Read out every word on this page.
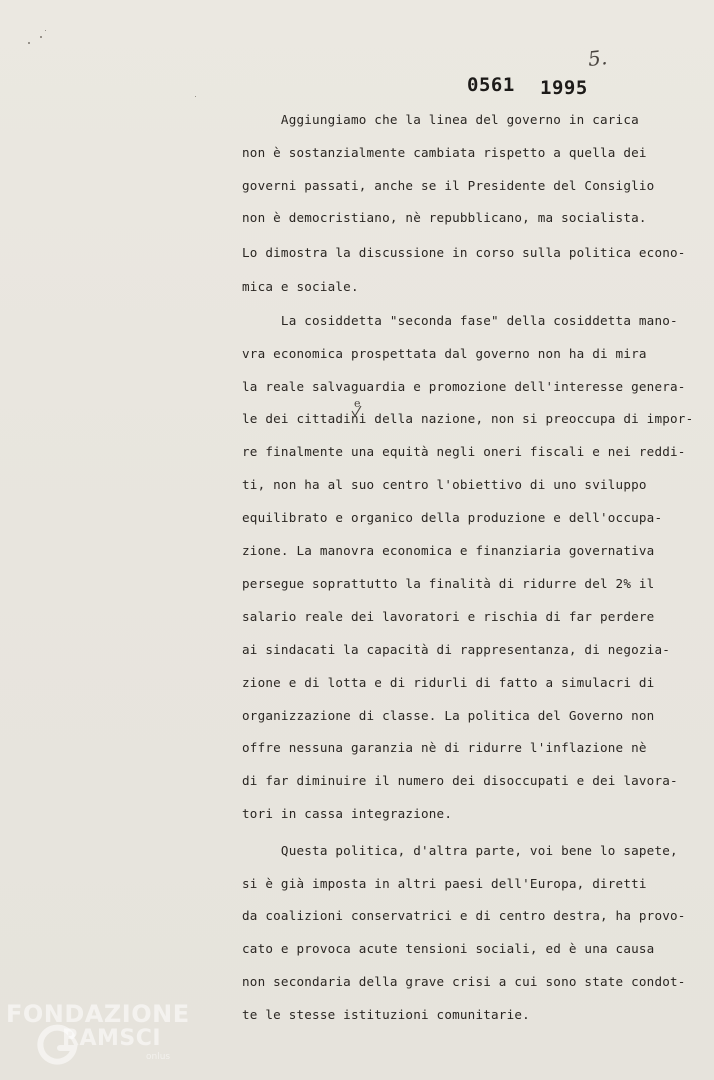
5.
0561 1995
Aggiungiamo che la linea del governo in carica
non è sostanzialmente cambiata rispetto a quella dei
governi passati, anche se il Presidente del Consiglio
non è democristiano, nè repubblicano, ma socialista.
Lo dimostra la discussione in corso sulla politica econo-
mica e sociale.
La cosiddetta "seconda fase" della cosiddetta mano-
vra economica prospettata dal governo non ha di mira
la reale salvaguardia e promozione dell'interesse genera-
le dei cittadini della nazione, non si preoccupa di impor-
re finalmente una equità negli oneri fiscali e nei reddi-
ti, non ha al suo centro l'obiettivo di uno sviluppo
equilibrato e organico della produzione e dell'occupa-
zione. La manovra economica e finanziaria governativa
persegue soprattutto la finalità di ridurre del 2% il
salario reale dei lavoratori e rischia di far perdere
ai sindacati la capacità di rappresentanza, di negozia-
zione e di lotta e di ridurli di fatto a simulacri di
organizzazione di classe. La politica del Governo non
offre nessuna garanzia nè di ridurre l'inflazione nè
di far diminuire il numero dei disoccupati e dei lavora-
tori in cassa integrazione.
Questa politica, d'altra parte, voi bene lo sapete,
si è già imposta in altri paesi dell'Europa, diretti
da coalizioni conservatrici e di centro destra, ha provo-
cato e provoca acute tensioni sociali, ed è una causa
non secondaria della grave crisi a cui sono state condot-
te le stesse istituzioni comunitarie.
e
FONDAZIONE
RAMSCI
onlus
